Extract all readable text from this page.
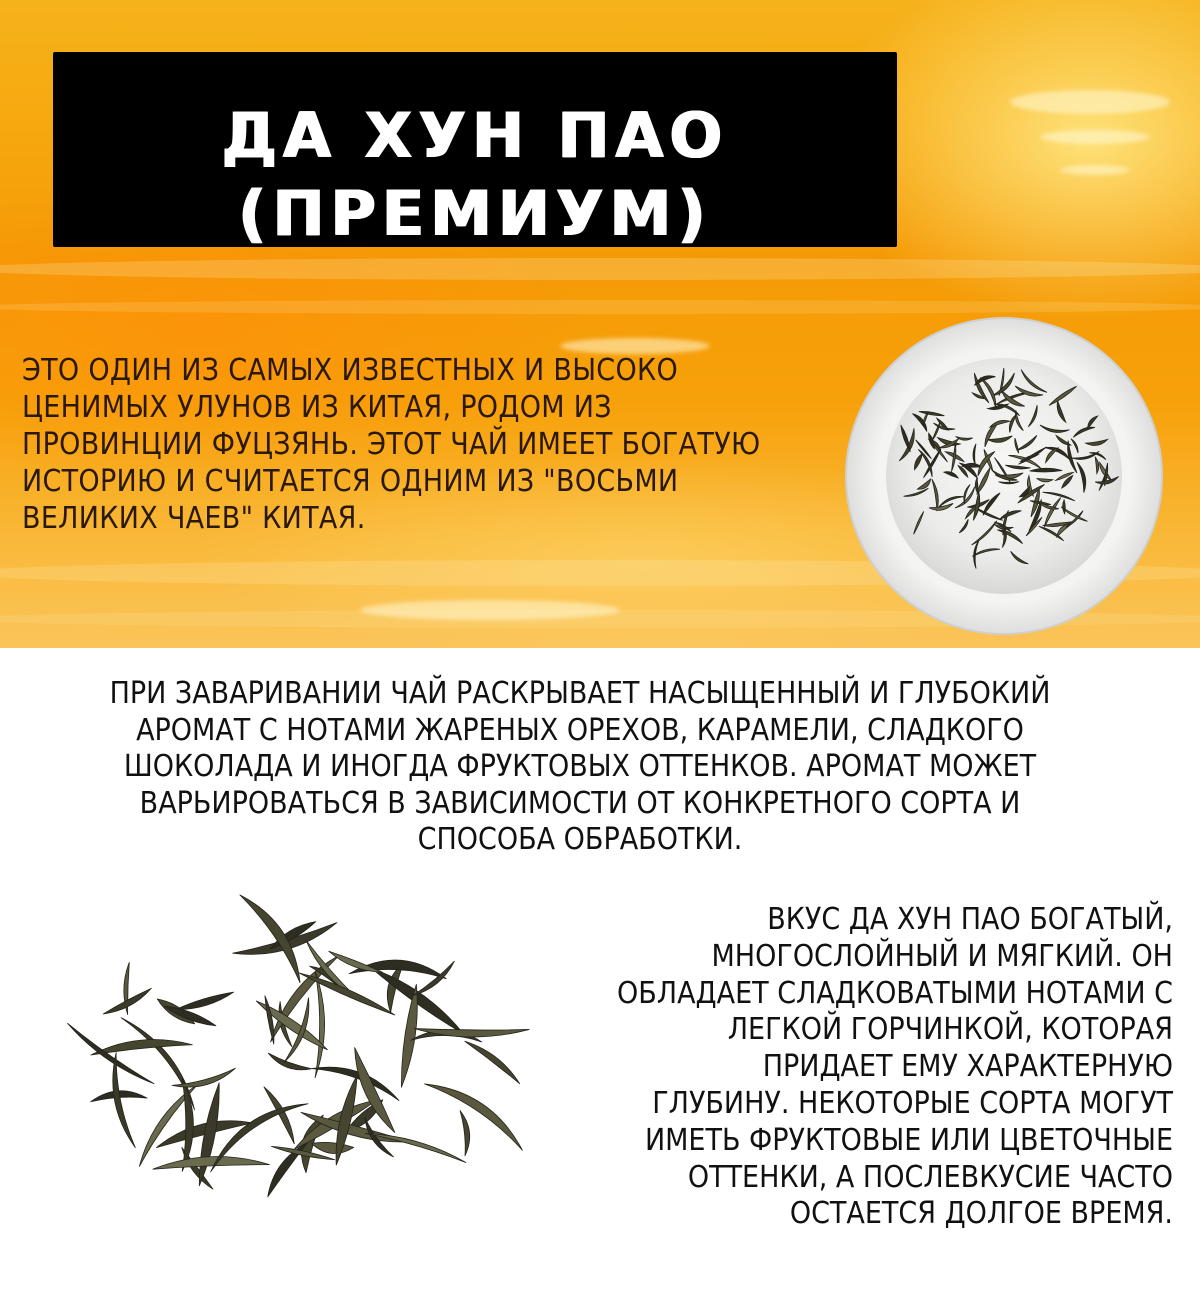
ДА ХУН ПАО
(ПРЕМИУМ)
ЭТО ОДИН ИЗ САМЫХ ИЗВЕСТНЫХ И ВЫСОКО
ЦЕНИМЫХ УЛУНОВ ИЗ КИТАЯ, РОДОМ ИЗ
ПРОВИНЦИИ ФУЦЗЯНЬ. ЭТОТ ЧАЙ ИМЕЕТ БОГАТУЮ
ИСТОРИЮ И СЧИТАЕТСЯ ОДНИМ ИЗ "ВОСЬМИ
ВЕЛИКИХ ЧАЕВ" КИТАЯ.
ПРИ ЗАВАРИВАНИИ ЧАЙ РАСКРЫВАЕТ НАСЫЩЕННЫЙ И ГЛУБОКИЙ
АРОМАТ С НОТАМИ ЖАРЕНЫХ ОРЕХОВ, КАРАМЕЛИ, СЛАДКОГО
ШОКОЛАДА И ИНОГДА ФРУКТОВЫХ ОТТЕНКОВ. АРОМАТ МОЖЕТ
ВАРЬИРОВАТЬСЯ В ЗАВИСИМОСТИ ОТ КОНКРЕТНОГО СОРТА И
СПОСОБА ОБРАБОТКИ.
ВКУС ДА ХУН ПАО БОГАТЫЙ,
МНОГОСЛОЙНЫЙ И МЯГКИЙ. ОН
ОБЛАДАЕТ СЛАДКОВАТЫМИ НОТАМИ С
ЛЕГКОЙ ГОРЧИНКОЙ, КОТОРАЯ
ПРИДАЕТ ЕМУ ХАРАКТЕРНУЮ
ГЛУБИНУ. НЕКОТОРЫЕ СОРТА МОГУТ
ИМЕТЬ ФРУКТОВЫЕ ИЛИ ЦВЕТОЧНЫЕ
ОТТЕНКИ, А ПОСЛЕВКУСИЕ ЧАСТО
ОСТАЕТСЯ ДОЛГОЕ ВРЕМЯ.
